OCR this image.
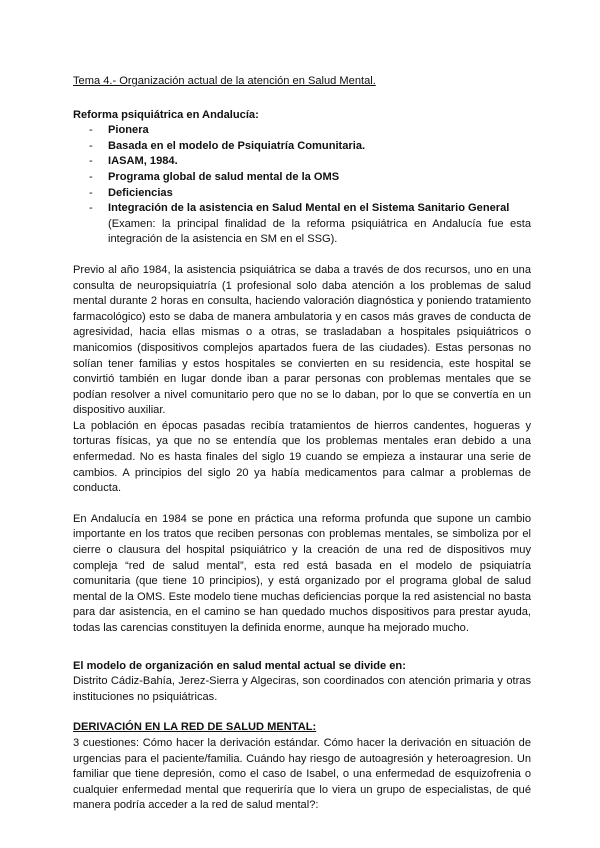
Tema 4.- Organización actual de la atención en Salud Mental.

Reforma psiquiátrica en Andalucía:

- Pionera
- Basada en el modelo de Psiquiatría Comunitaria.
- IASAM, 1984.
- Programa global de salud mental de la OMS
- Deficiencias
- Integración de la asistencia en Salud Mental en el Sistema Sanitario General

(Examen: la principal finalidad de la reforma psiquiátrica en Andalucía fue esta integración de la asistencia en SM en el SSG).

Previo al año 1984, la asistencia psiquiátrica se daba a través de dos recursos, uno en una consulta de neuropsiquiatría (1 profesional solo daba atención a los problemas de salud mental durante 2 horas en consulta, haciendo valoración diagnóstica y poniendo tratamiento farmacológico) esto se daba de manera ambulatoria y en casos más graves de conducta de agresividad, hacia ellas mismas o a otras, se trasladaban a hospitales psiquiátricos o manicomios (dispositivos complejos apartados fuera de las ciudades). Estas personas no solían tener familias y estos hospitales se convierten en su residencia, este hospital se convirtió también en lugar donde iban a parar personas con problemas mentales que se podían resolver a nivel comunitario pero que no se lo daban, por lo que se convertía en un dispositivo auxiliar.

La población en épocas pasadas recibía tratamientos de hierros candentes, hogueras y torturas físicas, ya que no se entendía que los problemas mentales eran debido a una enfermedad. No es hasta finales del siglo 19 cuando se empieza a instaurar una serie de cambios. A principios del siglo 20 ya había medicamentos para calmar a problemas de conducta.

En Andalucía en 1984 se pone en práctica una reforma profunda que supone un cambio importante en los tratos que reciben personas con problemas mentales, se simboliza por el cierre o clausura del hospital psiquiátrico y la creación de una red de dispositivos muy compleja “red de salud mental”, esta red está basada en el modelo de psiquiatría comunitaria (que tiene 10 principios), y está organizado por el programa global de salud mental de la OMS. Este modelo tiene muchas deficiencias porque la red asistencial no basta para dar asistencia, en el camino se han quedado muchos dispositivos para prestar ayuda, todas las carencias constituyen la definida enorme, aunque ha mejorado mucho.

El modelo de organización en salud mental actual se divide en:

Distrito Cádiz-Bahía, Jerez-Sierra y Algeciras, son coordinados con atención primaria y otras instituciones no psiquiátricas.

DERIVACIÓN EN LA RED DE SALUD MENTAL:

3 cuestiones: Cómo hacer la derivación estándar. Cómo hacer la derivación en situación de urgencias para el paciente/familia. Cuándo hay riesgo de autoagresión y heteroagresion. Un familiar que tiene depresión, como el caso de Isabel, o una enfermedad de esquizofrenia o cualquier enfermedad mental que requeriría que lo viera un grupo de especialistas, de qué manera podría acceder a la red de salud mental?:
